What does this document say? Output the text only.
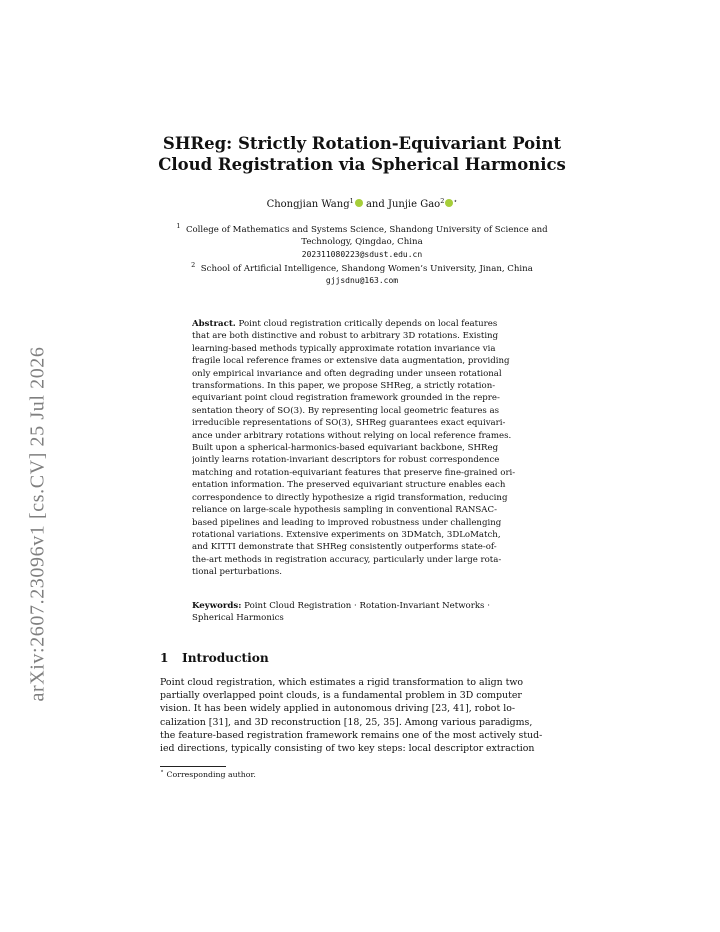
arXiv:2607.23096v1 [cs.CV] 25 Jul 2026
SHReg: Strictly Rotation-Equivariant Point
Cloud Registration via Spherical Harmonics
Chongjian Wang$^1$ and Junjie Gao$^2$ ⋆
$^1$ College of Mathematics and Systems Science, Shandong University of Science and
Technology, Qingdao, China
202311080223@sdust.edu.cn
$^2$ School of Artificial Intelligence, Shandong Women’s University, Jinan, China
gjjsdnu@163.com
Abstract. Point cloud registration critically depends on local features
that are both distinctive and robust to arbitrary 3D rotations. Existing
learning-based methods typically approximate rotation invariance via
fragile local reference frames or extensive data augmentation, providing
only empirical invariance and often degrading under unseen rotational
transformations. In this paper, we propose SHReg, a strictly rotation-
equivariant point cloud registration framework grounded in the repre-
sentation theory of SO(3). By representing local geometric features as
irreducible representations of SO(3), SHReg guarantees exact equivari-
ance under arbitrary rotations without relying on local reference frames.
Built upon a spherical-harmonics-based equivariant backbone, SHReg
jointly learns rotation-invariant descriptors for robust correspondence
matching and rotation-equivariant features that preserve fine-grained ori-
entation information. The preserved equivariant structure enables each
correspondence to directly hypothesize a rigid transformation, reducing
reliance on large-scale hypothesis sampling in conventional RANSAC-
based pipelines and leading to improved robustness under challenging
rotational variations. Extensive experiments on 3DMatch, 3DLoMatch,
and KITTI demonstrate that SHReg consistently outperforms state-of-
the-art methods in registration accuracy, particularly under large rota-
tional perturbations.
Keywords: Point Cloud Registration · Rotation-Invariant Networks ·
Spherical Harmonics
1 Introduction
Point cloud registration, which estimates a rigid transformation to align two
partially overlapped point clouds, is a fundamental problem in 3D computer
vision. It has been widely applied in autonomous driving [23, 41], robot lo-
calization [31], and 3D reconstruction [18, 25, 35]. Among various paradigms,
the feature-based registration framework remains one of the most actively stud-
ied directions, typically consisting of two key steps: local descriptor extraction
⋆ Corresponding author.
